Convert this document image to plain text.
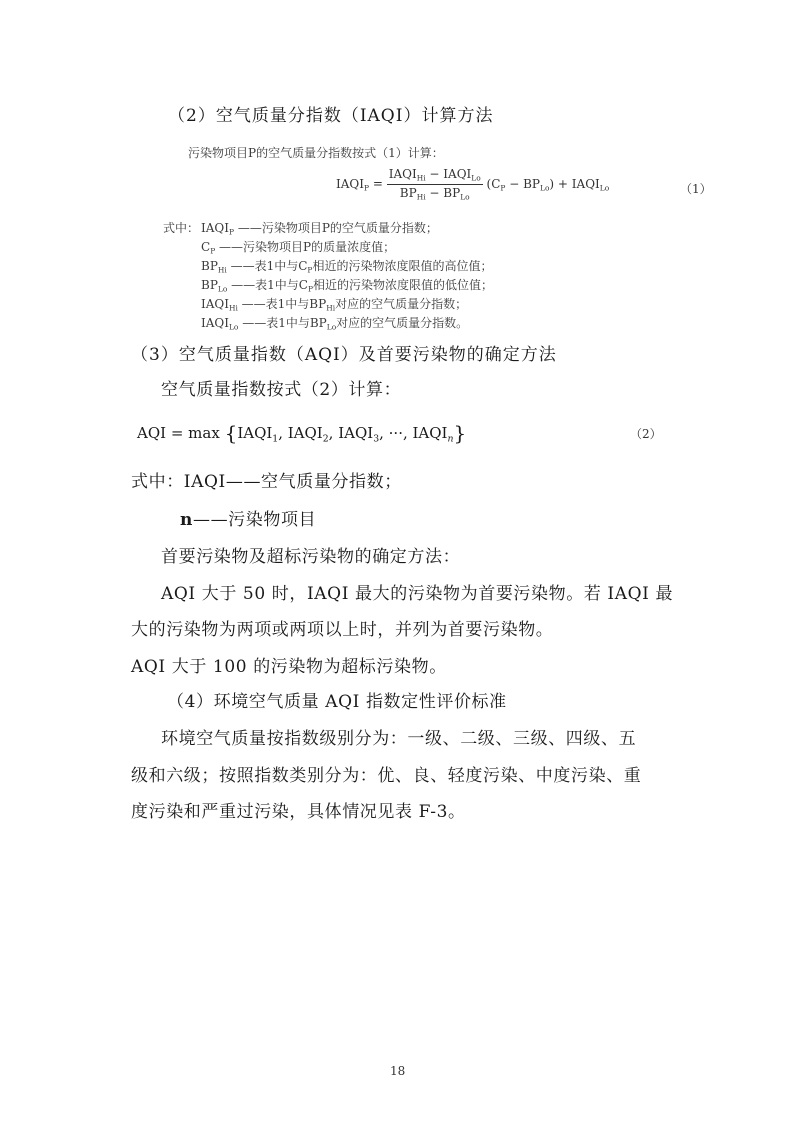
（2）空气质量分指数（IAQI）计算方法
污染物项目P的空气质量分指数按式（1）计算：
$IAQI_P = \frac{IAQI_{Hi} - IAQI_{Lo}}{BP_{Hi} - BP_{Lo}} (C_P - BP_{Lo})$ + $IAQI_{Lo}$	（1）
式中： $IAQI_P$ ——污染物项目P的空气质量分指数；
$C_P$ ——污染物项目P的质量浓度值；
$BP_{Hi}$ ——表1中与$C_P$相近的污染物浓度限值的高位值；
$BP_{Lo}$ ——表1中与$C_P$相近的污染物浓度限值的低位值；
$IAQI_{Hi}$ ——表1中与$BP_{Hi}$对应的空气质量分指数；
$IAQI_{Lo}$ ——表1中与$BP_{Lo}$对应的空气质量分指数。
（3）空气质量指数（AQI）及首要污染物的确定方法
空气质量指数按式（2）计算：
AQI = $\max \{IAQI_1$, $IAQI_2$, $IAQI_3$, ···, $IAQI_n$}	（2）
式中：IAQI——空气质量分指数；
n——污染物项目
首要污染物及超标污染物的确定方法：
AQI 大于 50 时，IAQI 最大的污染物为首要污染物。若 IAQI 最
大的污染物为两项或两项以上时，并列为首要污染物。
AQI 大于 100 的污染物为超标污染物。
（4）环境空气质量 AQI 指数定性评价标准
环境空气质量按指数级别分为：一级、二级、三级、四级、五
级和六级；按照指数类别分为：优、良、轻度污染、中度污染、重
度污染和严重过污染，具体情况见表 F-3。
18
